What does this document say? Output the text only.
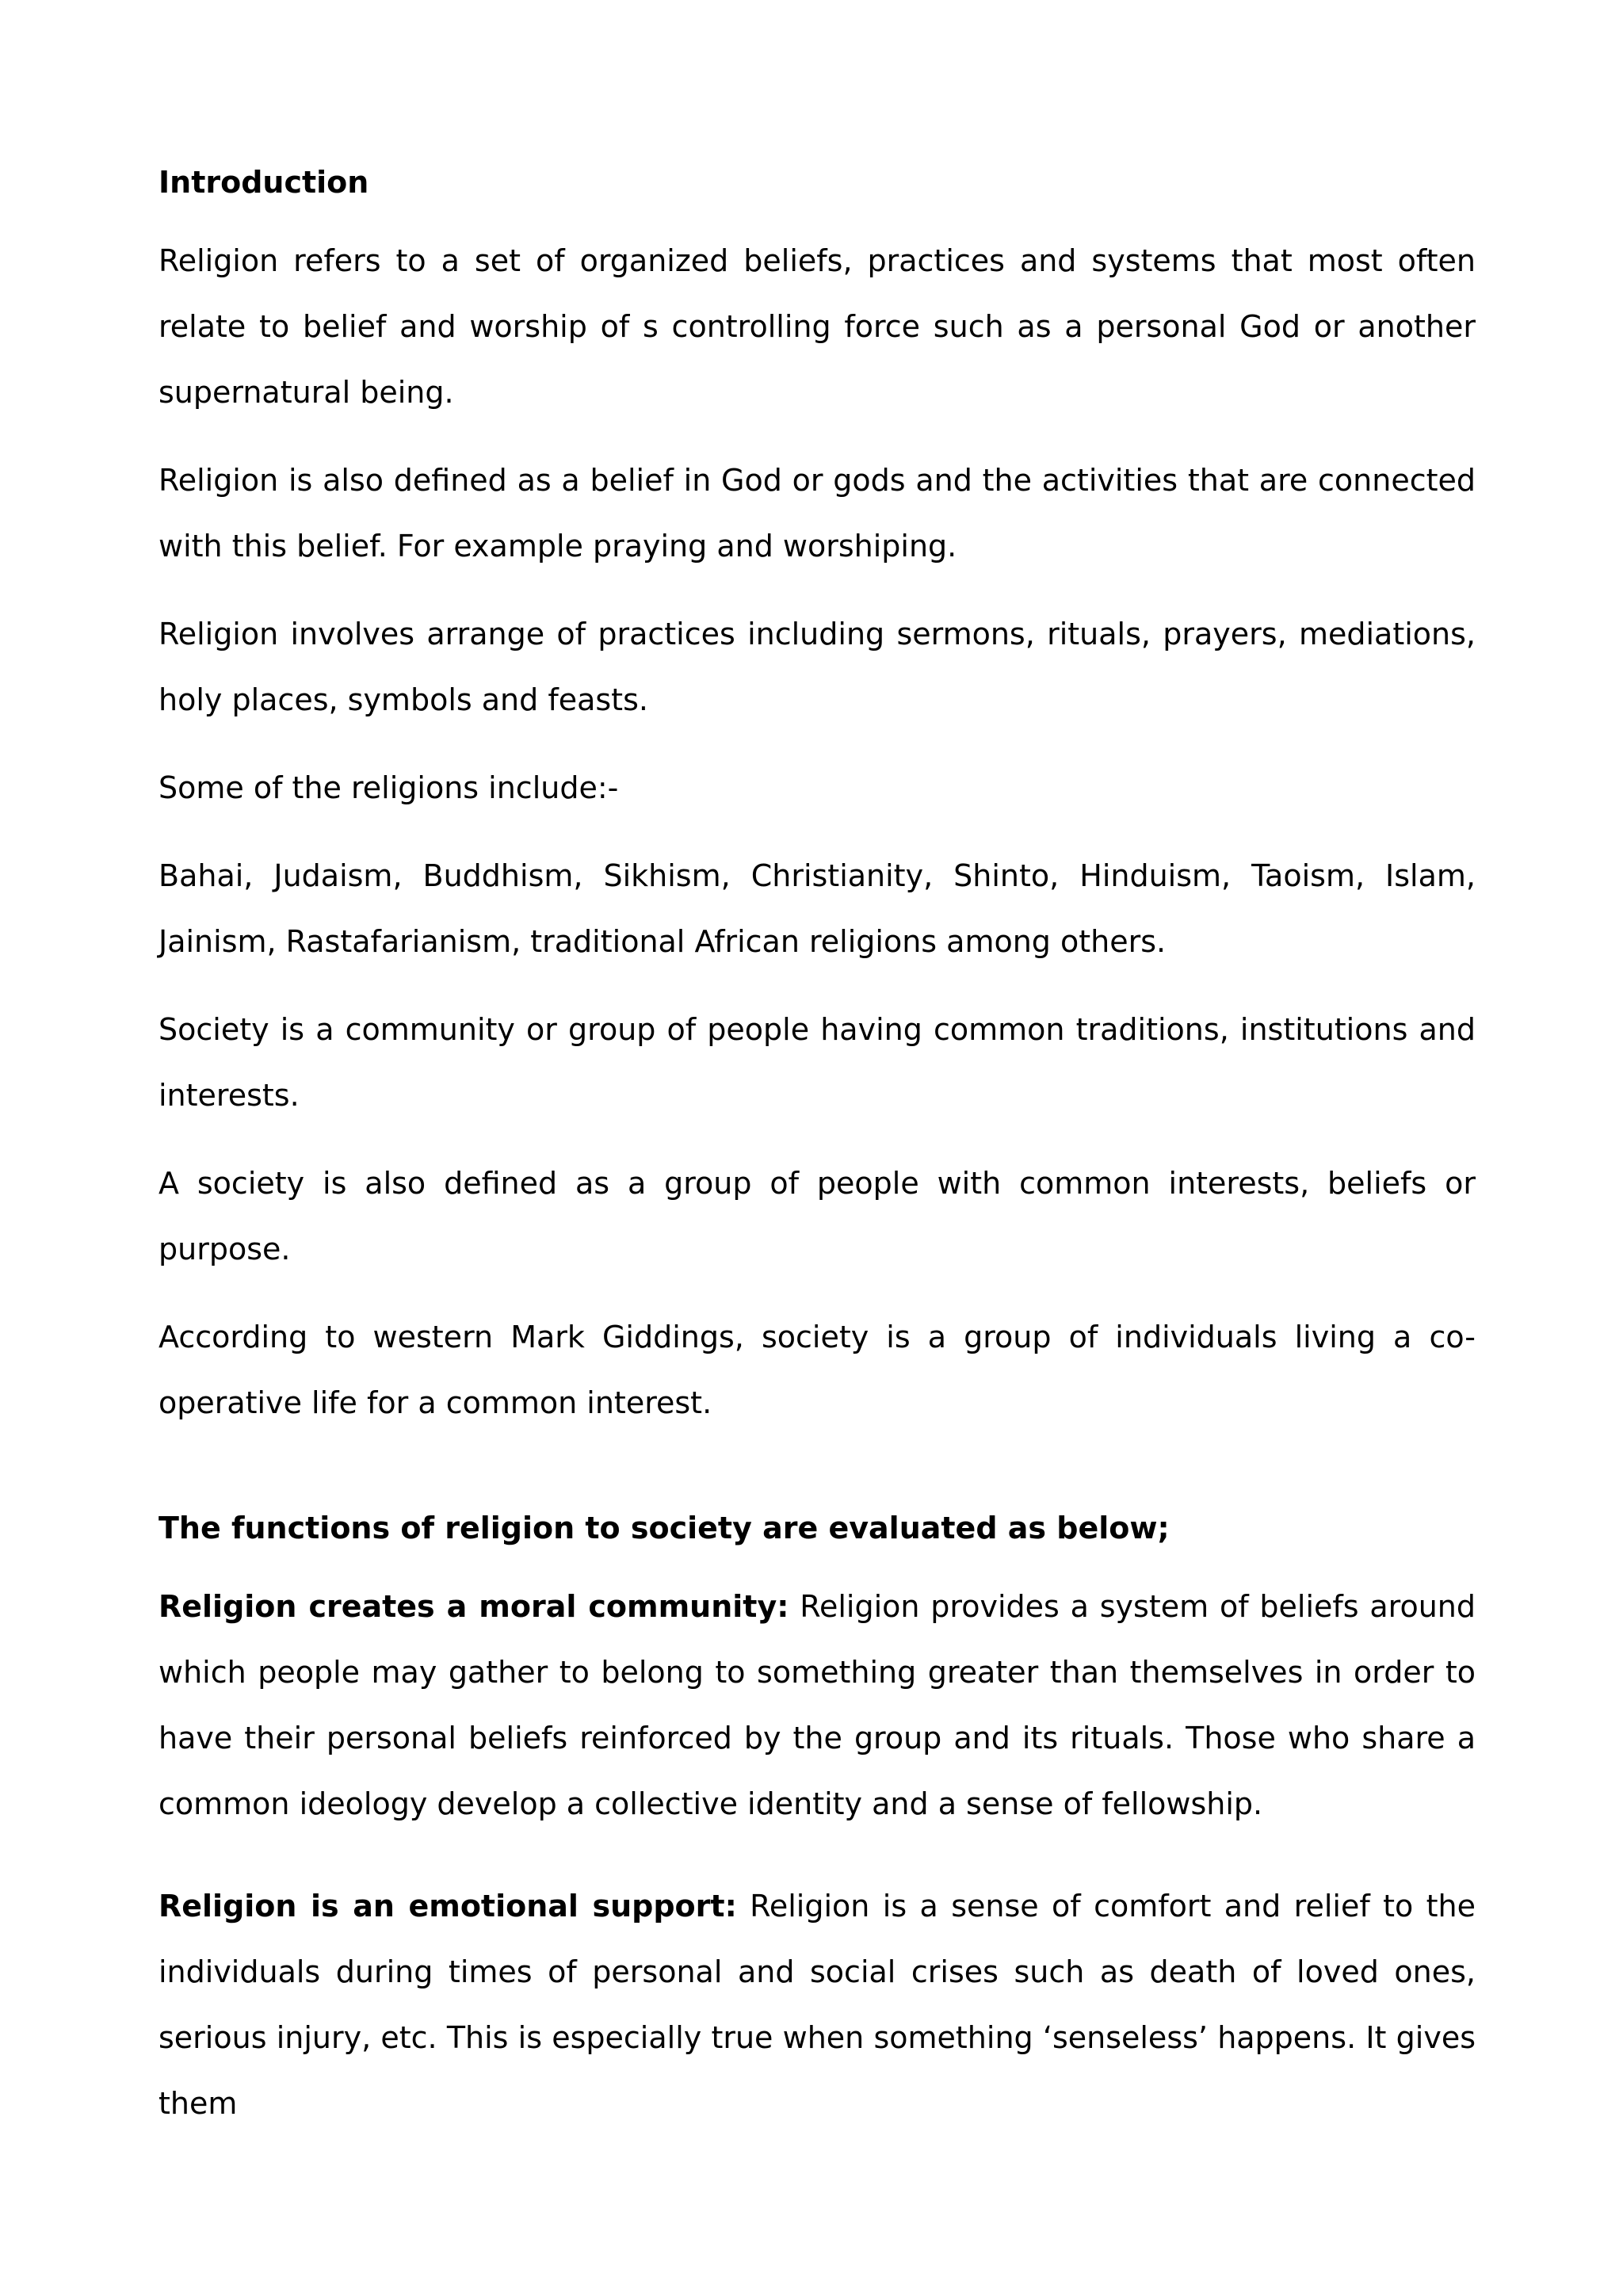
Introduction

Religion refers to a set of organized beliefs, practices and systems that most often relate to belief and worship of s controlling force such as a personal God or another supernatural being.

Religion is also defined as a belief in God or gods and the activities that are connected with this belief. For example praying and worshiping.

Religion involves arrange of practices including sermons, rituals, prayers, mediations, holy places, symbols and feasts.

Some of the religions include:-

Bahai, Judaism, Buddhism, Sikhism, Christianity, Shinto, Hinduism, Taoism, Islam, Jainism, Rastafarianism, traditional African religions among others.

Society is a community or group of people having common traditions, institutions and interests.

A society is also defined as a group of people with common interests, beliefs or purpose.

According to western Mark Giddings, society is a group of individuals living a co-operative life for a common interest.

The functions of religion to society are evaluated as below;

Religion creates a moral community: Religion provides a system of beliefs around which people may gather to belong to something greater than themselves in order to have their personal beliefs reinforced by the group and its rituals. Those who share a common ideology develop a collective identity and a sense of fellowship.

Religion is an emotional support: Religion is a sense of comfort and relief to the individuals during times of personal and social crises such as death of loved ones, serious injury, etc. This is especially true when something ‘senseless’ happens. It gives them
